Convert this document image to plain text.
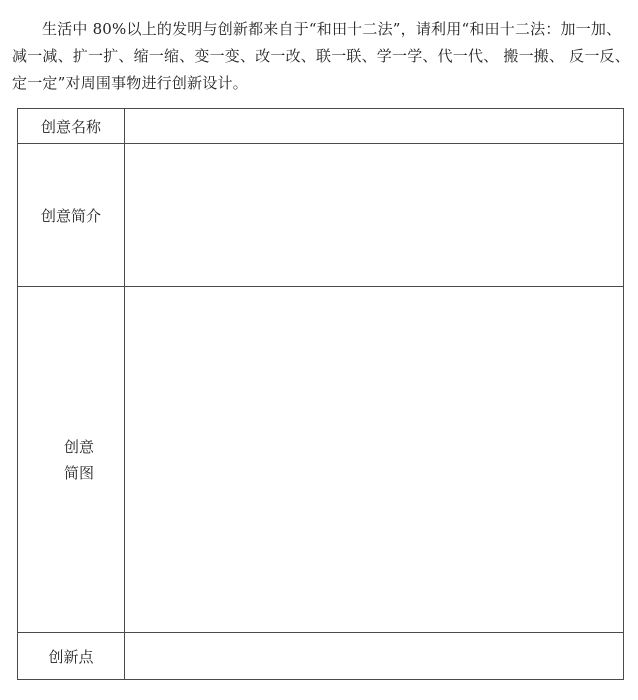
生活中 80%以上的发明与创新都来自于“和田十二法”，请利用“和田十二法：加一加、
减一减、扩一扩、缩一缩、变一变、改一改、联一联、学一学、代一代、 搬一搬、 反一反、
定一定”对周围事物进行创新设计。
创意名称	
创意简介	

创意简图	

创新点	
